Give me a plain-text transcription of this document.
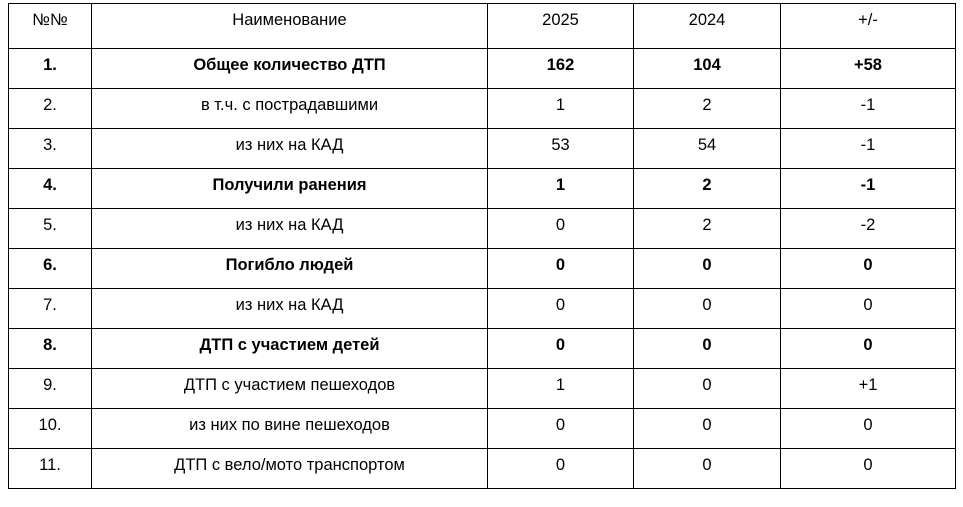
№№	Наименование	2025	2024	+/-
1.	Общее количество ДТП	162	104	+58
2.	в т.ч. с пострадавшими	1	2	-1
3.	из них на КАД	53	54	-1
4.	Получили ранения	1	2	-1
5.	из них на КАД	0	2	-2
6.	Погибло людей	0	0	0
7.	из них на КАД	0	0	0
8.	ДТП с участием детей	0	0	0
9.	ДТП с участием пешеходов	1	0	+1
10.	из них по вине пешеходов	0	0	0
11.	ДТП с вело/мото транспортом	0	0	0
